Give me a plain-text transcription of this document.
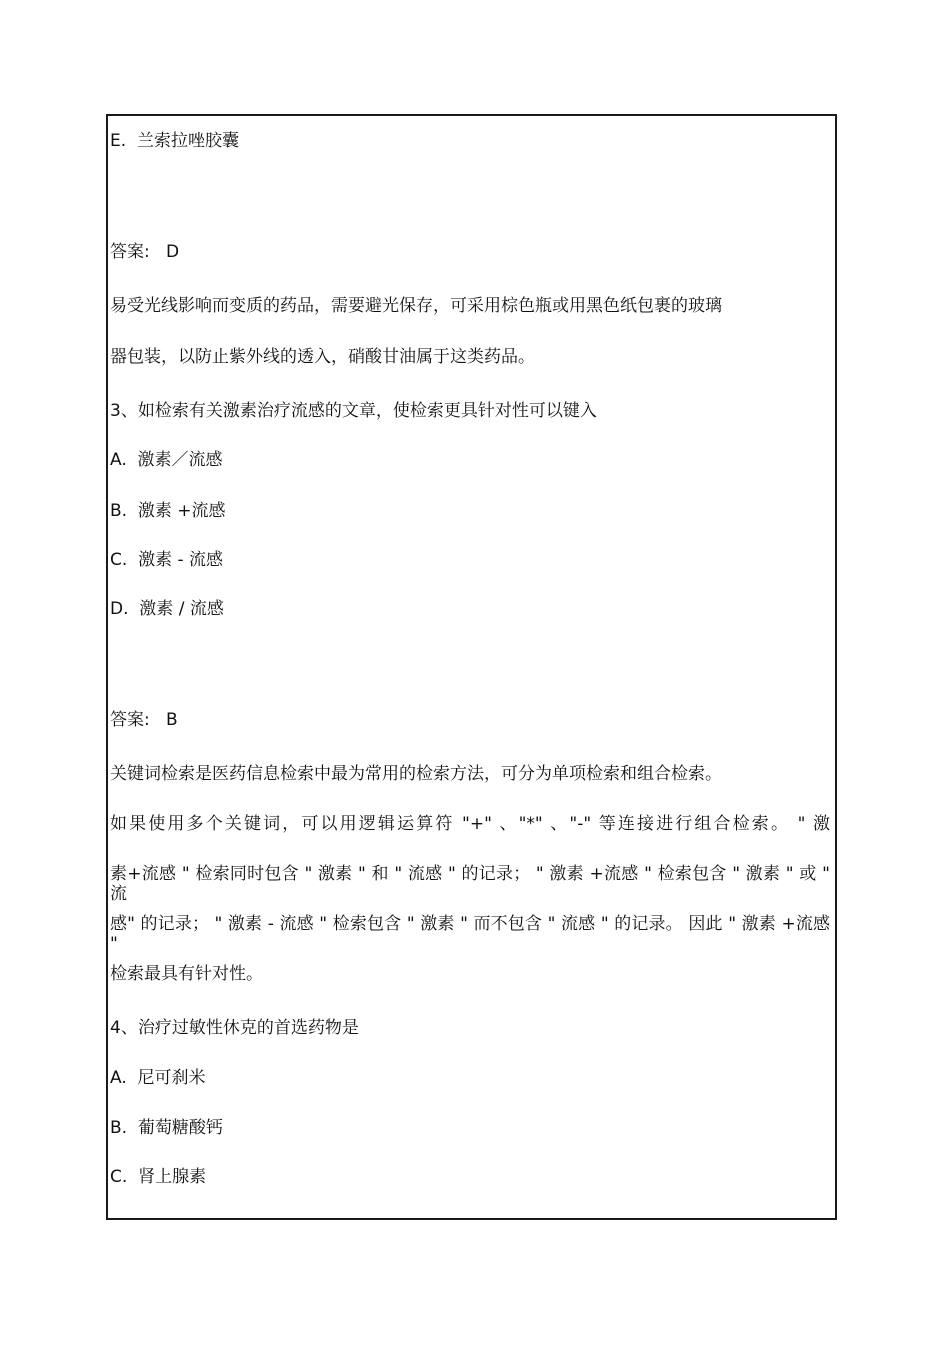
E.  兰索拉唑胶囊
答案:   D
易受光线影响而变质的药品，需要避光保存，可采用棕色瓶或用黑色纸包裹的玻璃
器包装，以防止紫外线的透入，硝酸甘油属于这类药品。
3、如检索有关激素治疗流感的文章，使检索更具针对性可以键入
A.  激素／流感
B.  激素 +流感
C.  激素 - 流感
D.  激素 / 流感
答案:   B
关键词检索是医药信息检索中最为常用的检索方法，可分为单项检索和组合检索。
如果使用多个关键词，可以用逻辑运算符 "+" 、"*" 、"-" 等连接进行组合检索。 " 激
素+流感 " 检索同时包含 " 激素 " 和 " 流感 " 的记录； " 激素 +流感 " 检索包含 " 激素 " 或 " 流
感" 的记录； " 激素 - 流感 " 检索包含 " 激素 " 而不包含 " 流感 " 的记录。 因此 " 激素 +流感 "
检索最具有针对性。
4、治疗过敏性休克的首选药物是
A.  尼可刹米
B.  葡萄糖酸钙
C.  肾上腺素
